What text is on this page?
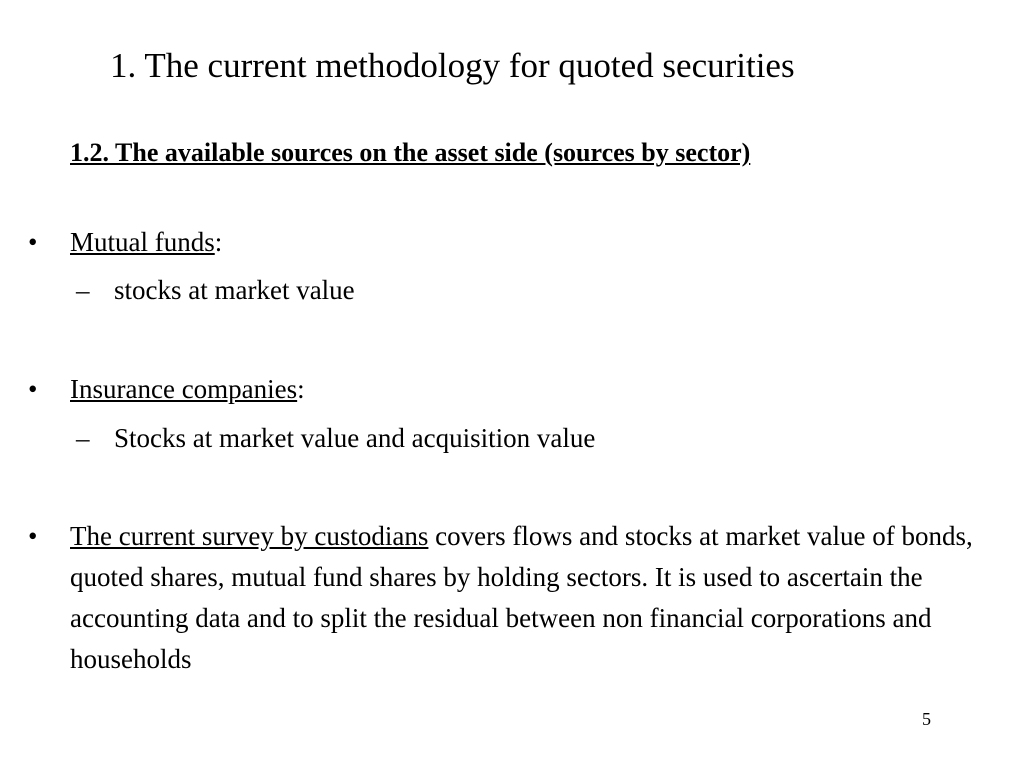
1. The current methodology for quoted securities
1.2. The available sources on the asset side (sources by sector)
• Mutual funds:
– stocks at market value
• Insurance companies:
– Stocks at market value and acquisition value
• The current survey by custodians covers flows and stocks at market value of bonds, quoted shares, mutual fund shares by holding sectors. It is used to ascertain the accounting data and to split the residual between non financial corporations and households
5
